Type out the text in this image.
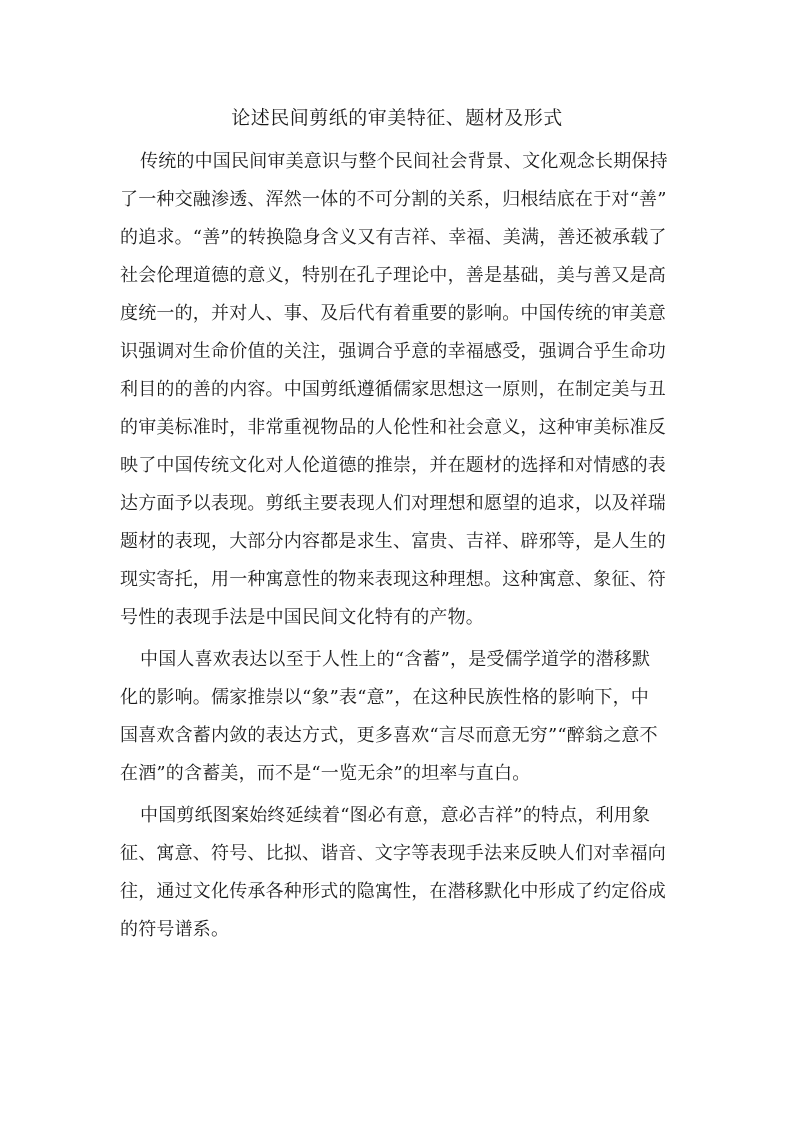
论述民间剪纸的审美特征、题材及形式
传统的中国民间审美意识与整个民间社会背景、文化观念长期保持
了一种交融渗透、浑然一体的不可分割的关系，归根结底在于对“善”
的追求。“善”的转换隐身含义又有吉祥、幸福、美满，善还被承载了
社会伦理道德的意义，特别在孔子理论中，善是基础，美与善又是高
度统一的，并对人、事、及后代有着重要的影响。中国传统的审美意
识强调对生命价值的关注，强调合乎意的幸福感受，强调合乎生命功
利目的的善的内容。中国剪纸遵循儒家思想这一原则，在制定美与丑
的审美标准时，非常重视物品的人伦性和社会意义，这种审美标准反
映了中国传统文化对人伦道德的推崇，并在题材的选择和对情感的表
达方面予以表现。剪纸主要表现人们对理想和愿望的追求，以及祥瑞
题材的表现，大部分内容都是求生、富贵、吉祥、辟邪等，是人生的
现实寄托，用一种寓意性的物来表现这种理想。这种寓意、象征、符
号性的表现手法是中国民间文化特有的产物。
中国人喜欢表达以至于人性上的“含蓄”，是受儒学道学的潜移默
化的影响。儒家推崇以“象”表“意”，在这种民族性格的影响下，中
国喜欢含蓄内敛的表达方式，更多喜欢“言尽而意无穷”“醉翁之意不
在酒”的含蓄美，而不是“一览无余”的坦率与直白。
中国剪纸图案始终延续着“图必有意，意必吉祥”的特点，利用象
征、寓意、符号、比拟、谐音、文字等表现手法来反映人们对幸福向
往，通过文化传承各种形式的隐寓性，在潜移默化中形成了约定俗成
的符号谱系。
